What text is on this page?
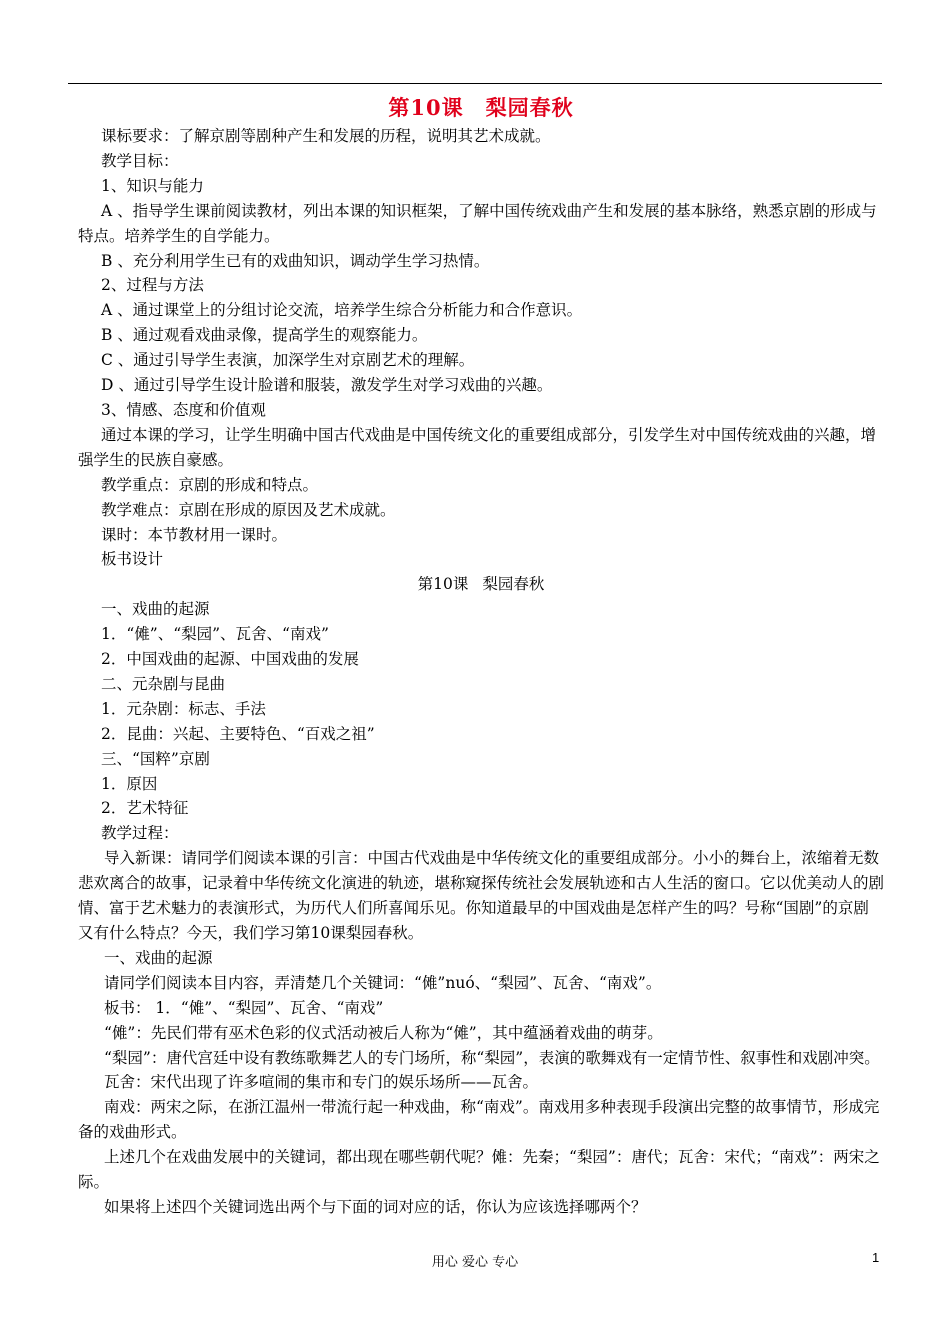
第10课 梨园春秋

课标要求：了解京剧等剧种产生和发展的历程，说明其艺术成就。

教学目标：

1、知识与能力

A 、指导学生课前阅读教材，列出本课的知识框架，了解中国传统戏曲产生和发展的基本脉络，熟悉京剧的形成与特点。培养学生的自学能力。

B 、充分利用学生已有的戏曲知识，调动学生学习热情。

2、过程与方法

A 、通过课堂上的分组讨论交流，培养学生综合分析能力和合作意识。

B 、通过观看戏曲录像，提高学生的观察能力。

C 、通过引导学生表演，加深学生对京剧艺术的理解。

D 、通过引导学生设计脸谱和服装，激发学生对学习戏曲的兴趣。

3、情感、态度和价值观

通过本课的学习，让学生明确中国古代戏曲是中国传统文化的重要组成部分，引发学生对中国传统戏曲的兴趣，增强学生的民族自豪感。

教学重点：京剧的形成和特点。

教学难点：京剧在形成的原因及艺术成就。

课时：本节教材用一课时。

板书设计

第10课 梨园春秋

一、戏曲的起源

1．“傩”、“梨园”、瓦舍、“南戏”

2．中国戏曲的起源、中国戏曲的发展

二、元杂剧与昆曲

1．元杂剧：标志、手法

2．昆曲：兴起、主要特色、“百戏之祖”

三、“国粹”京剧

1．原因

2．艺术特征

教学过程：

导入新课：请同学们阅读本课的引言：中国古代戏曲是中华传统文化的重要组成部分。小小的舞台上，浓缩着无数悲欢离合的故事，记录着中华传统文化演进的轨迹，堪称窥探传统社会发展轨迹和古人生活的窗口。它以优美动人的剧情、富于艺术魅力的表演形式，为历代人们所喜闻乐见。你知道最早的中国戏曲是怎样产生的吗？号称“国剧”的京剧又有什么特点？今天，我们学习第10课梨园春秋。

一、戏曲的起源

请同学们阅读本目内容，弄清楚几个关键词：“傩”nuó、“梨园”、瓦舍、“南戏”。

板书： 1．“傩”、“梨园”、瓦舍、“南戏”

“傩”：先民们带有巫术色彩的仪式活动被后人称为“傩”，其中蕴涵着戏曲的萌芽。

“梨园”：唐代宫廷中设有教练歌舞艺人的专门场所，称“梨园”，表演的歌舞戏有一定情节性、叙事性和戏剧冲突。

瓦舍：宋代出现了许多喧闹的集市和专门的娱乐场所——瓦舍。

南戏：两宋之际，在浙江温州一带流行起一种戏曲，称“南戏”。南戏用多种表现手段演出完整的故事情节，形成完备的戏曲形式。

上述几个在戏曲发展中的关键词，都出现在哪些朝代呢？傩：先秦；“梨园”：唐代；瓦舍：宋代；“南戏”：两宋之际。

如果将上述四个关键词选出两个与下面的词对应的话，你认为应该选择哪两个？

用心 爱心 专心	1
